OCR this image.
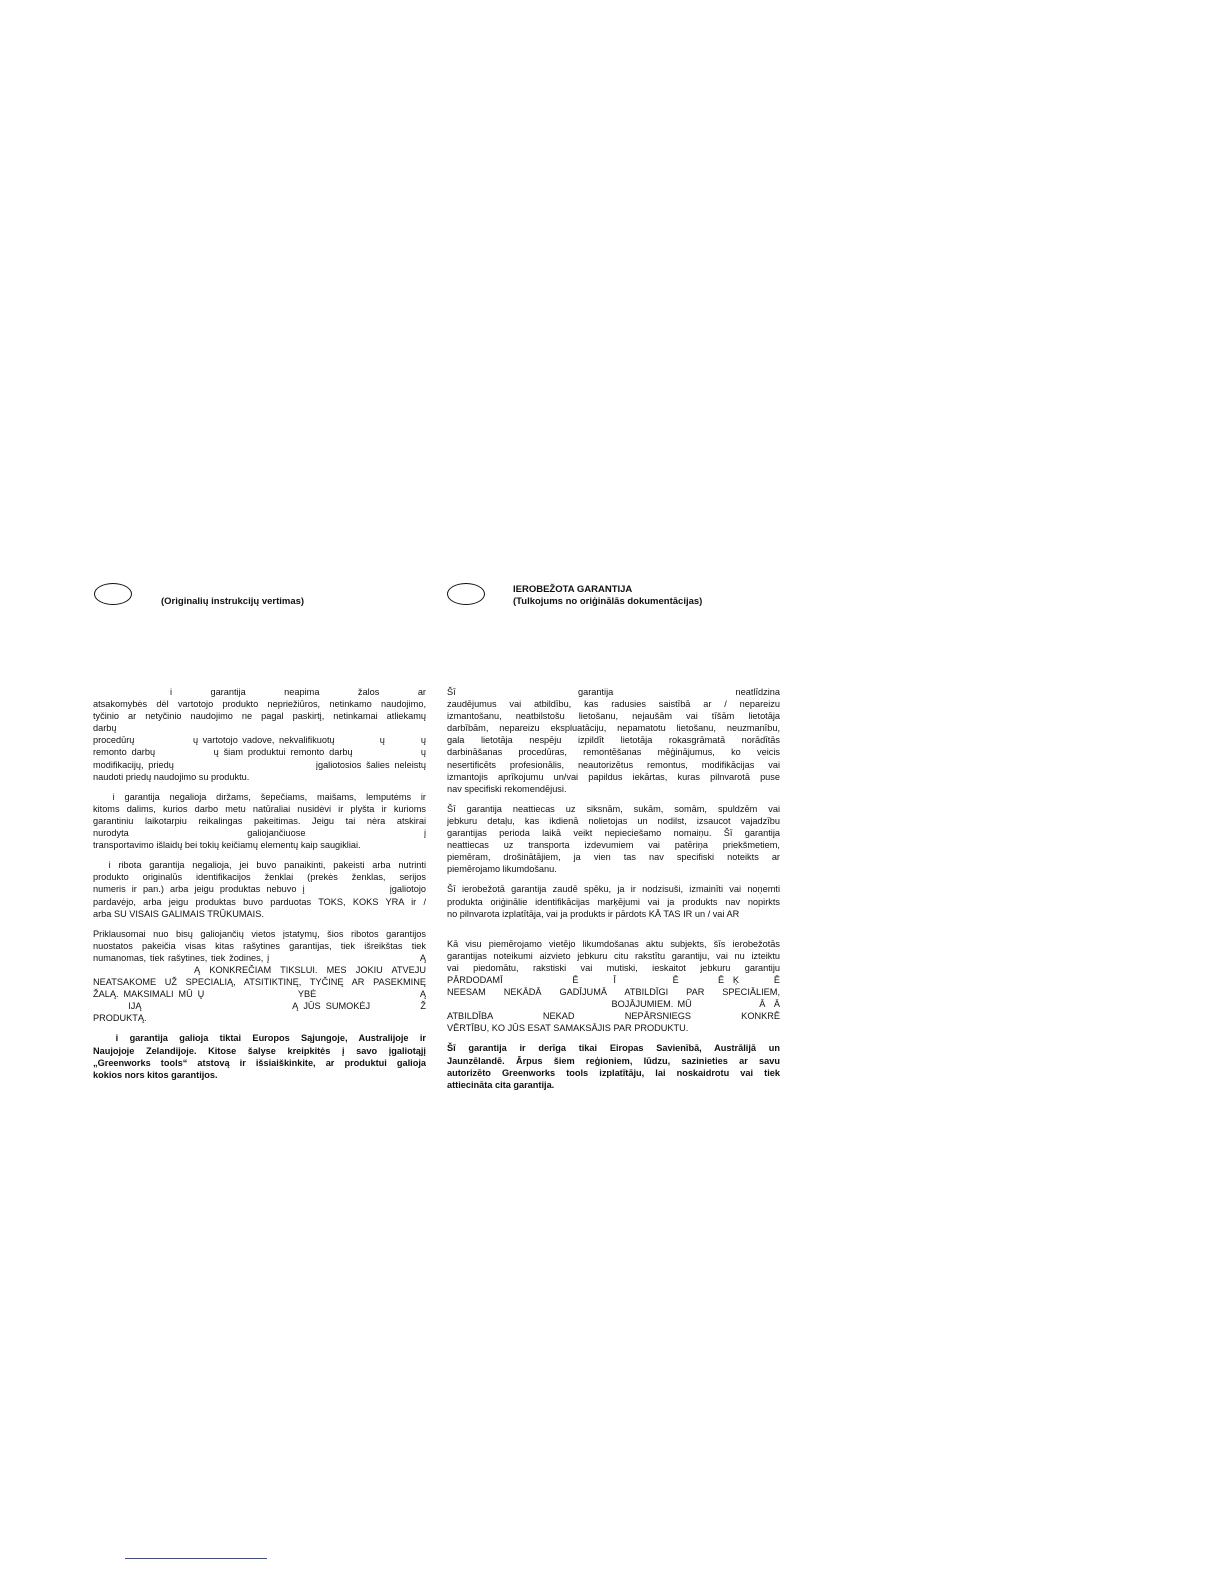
(Originalių instrukcijų vertimas)
IEROBEŽOTA GARANTIJA
(Tulkojums no oriģinālās dokumentācijas)
i garantija neapima žalos ar
atsakomybės dėl vartotojo produkto nepriežiūros, netinkamo naudojimo,
tyčinio ar netyčinio naudojimo ne pagal paskirtį, netinkamai atliekamų
darbų
procedūrų             ų vartotojo vadove, nekvalifikuotų          ų        ų
remonto darbų            ų šiam produktui remonto darbų              ų
modifikacijų, priedų                              įgaliotosios šalies neleistų
naudoti priedų naudojimo su produktu.
i garantija negalioja diržams, šepečiams, maišams, lemputėms ir
kitoms dalims, kurios darbo metu natūraliai nusidėvi ir plyšta ir kurioms
garantiniu laikotarpiu reikalingas pakeitimas. Jeigu tai nėra atskirai
nurodyta galiojančiuose į
transportavimo išlaidų bei tokių keičiamų elementų kaip saugikliai.
i ribota garantija negalioja, jei buvo panaikinti, pakeisti arba nutrinti
produkto originalūs identifikacijos ženklai (prekės ženklas, serijos
numeris ir pan.) arba jeigu produktas nebuvo į              įgaliotojo
pardavėjo, arba jeigu produktas buvo parduotas TOKS, KOKS YRA ir /
arba SU VISAIS GALIMAIS TRŪKUMAIS.
Priklausomai nuo bisų galiojančių vietos įstatymų, šios ribotos garantijos
nuostatos pakeičia visas kitas rašytines garantijas, tiek išreikštas tiek
numanomas, tiek rašytines, tiek žodines, į                                        Ą
Ą KONKREČIAM TIKSLUI. MES JOKIU ATVEJU
NEATSAKOME UŽ SPECIALIĄ, ATSITIKTINĘ, TYČINĘ AR PASEKMINĘ
ŽALĄ. MAKSIMALI MŪ Ų                   YBĖ                     Ą
IJĄ                              Ą JŪS SUMOKĖJ          Ž
PRODUKTĄ.
i garantija galioja tiktai Europos Sąjungoje, Australijoje ir
Naujojoje Zelandijoje. Kitose šalyse kreipkitės į savo įgaliotąjį
„Greenworks tools“ atstovą ir išsiaiškinkite, ar produktui galioja
kokios nors kitos garantijos.
Šī garantija neatlīdzina
zaudējumus vai atbildību, kas radusies saistībā ar / nepareizu
izmantošanu, neatbilstošu lietošanu, nejaušām vai tīšām lietotāja
darbībām, nepareizu ekspluatāciju, nepamatotu lietošanu, neuzmanību,
gala lietotāja nespēju izpildīt lietotāja rokasgrāmatā norādītās
darbināšanas procedūras, remontēšanas mēģinājumus, ko veicis
nesertificēts profesionālis, neautorizētus remontus, modifikācijas vai
izmantojis aprīkojumu un/vai papildus iekārtas, kuras pilnvarotā puse
nav specifiski rekomendējusi.
Šī garantija neattiecas uz siksnām, sukām, somām, spuldzēm vai
jebkuru detaļu, kas ikdienā nolietojas un nodilst, izsaucot vajadzību
garantijas perioda laikā veikt nepieciešamo nomaiņu. Šī garantija
neattiecas uz transporta izdevumiem vai patēriņa priekšmetiem,
piemēram, drošinātājiem, ja vien tas nav specifiski noteikts ar
piemērojamo likumdošanu.
Šī ierobežotā garantija zaudē spēku, ja ir nodzisuši, izmainīti vai noņemti
produkta oriģinālie identifikācijas marķējumi vai ja produkts nav nopirkts
no pilnvarota izplatītāja, vai ja produkts ir pārdots KĀ TAS IR un / vai AR
Kā visu piemērojamo vietējo likumdošanas aktu subjekts, šīs ierobežotās
garantijas noteikumi aizvieto jebkuru citu rakstītu garantiju, vai nu izteiktu
vai piedomātu, rakstiski vai mutiski, ieskaitot jebkuru garantiju
PĀRDODAMĪ                Ē        Ī             Ē         Ē  Ķ        Ē
NEESAM NEKĀDĀ GADĪJUMĀ ATBILDĪGI PAR SPECIĀLIEM,
BOJĀJUMIEM. MŪ                Ā  Ā
ATBILDĪBA NEKAD NEPĀRSNIEGS KONKRĒ
VĒRTĪBU, KO JŪS ESAT SAMAKSĀJIS PAR PRODUKTU.
Šī garantija ir derīga tikai Eiropas Savienībā, Austrālijā un
Jaunzēlandē. Ārpus šiem reģioniem, lūdzu, sazinieties ar savu
autorizēto Greenworks tools izplatītāju, lai noskaidrotu vai tiek
attiecināta cita garantija.
